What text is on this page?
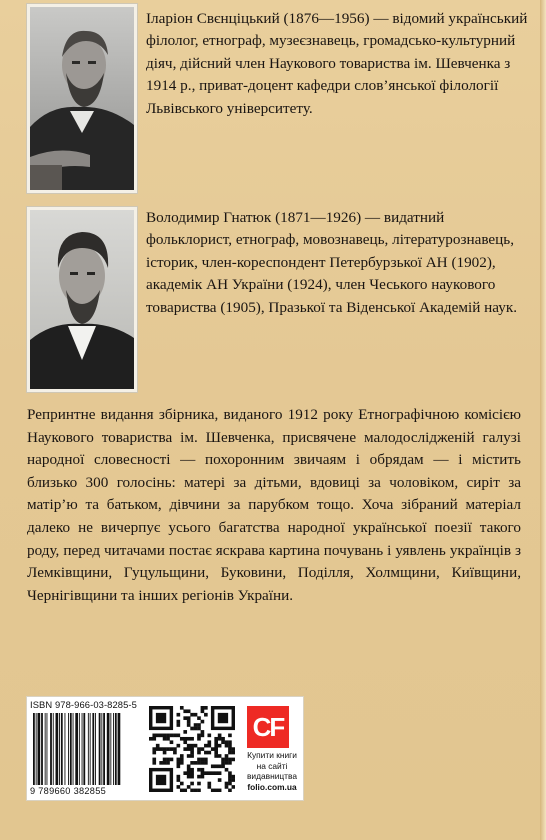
Іларіон Свєнціцький (1876—1956) — відомий український філолог, етнограф, музеєзнавець, громадсько-культурний діяч, дійсний член Наукового товариства ім. Шевченка з 1914 р., приват-доцент кафедри слов’янської філології Львівського університету.

Володимир Гнатюк (1871—1926) — видатний фольклорист, етнограф, мовознавець, літературознавець, історик, член-кореспондент Петербурзької АН (1902), академік АН України (1924), член Чеського наукового товариства (1905), Празької та Віденської Академій наук.

Репринтне видання збірника, виданого 1912 року Етнографічною комісією Наукового товариства ім. Шевченка, присвячене малодослідженій галузі народної словесності — похоронним звичаям і обрядам — і містить близько 300 голосінь: матері за дітьми, вдовиці за чоловіком, сиріт за матір’ю та батьком, дівчини за парубком тощо. Хоча зібраний матеріал далеко не вичерпує усього багатства народної української поезії такого роду, перед читачами постає яскрава картина почувань і уявлень українців з Лемківщини, Гуцульщини, Буковини, Поділля, Холмщини, Київщини, Чернігівщини та інших регіонів України.

ISBN 978-966-03-8285-5
9 789660 382855
CF
Купити книги
на сайті
видавництва
folio.com.ua
